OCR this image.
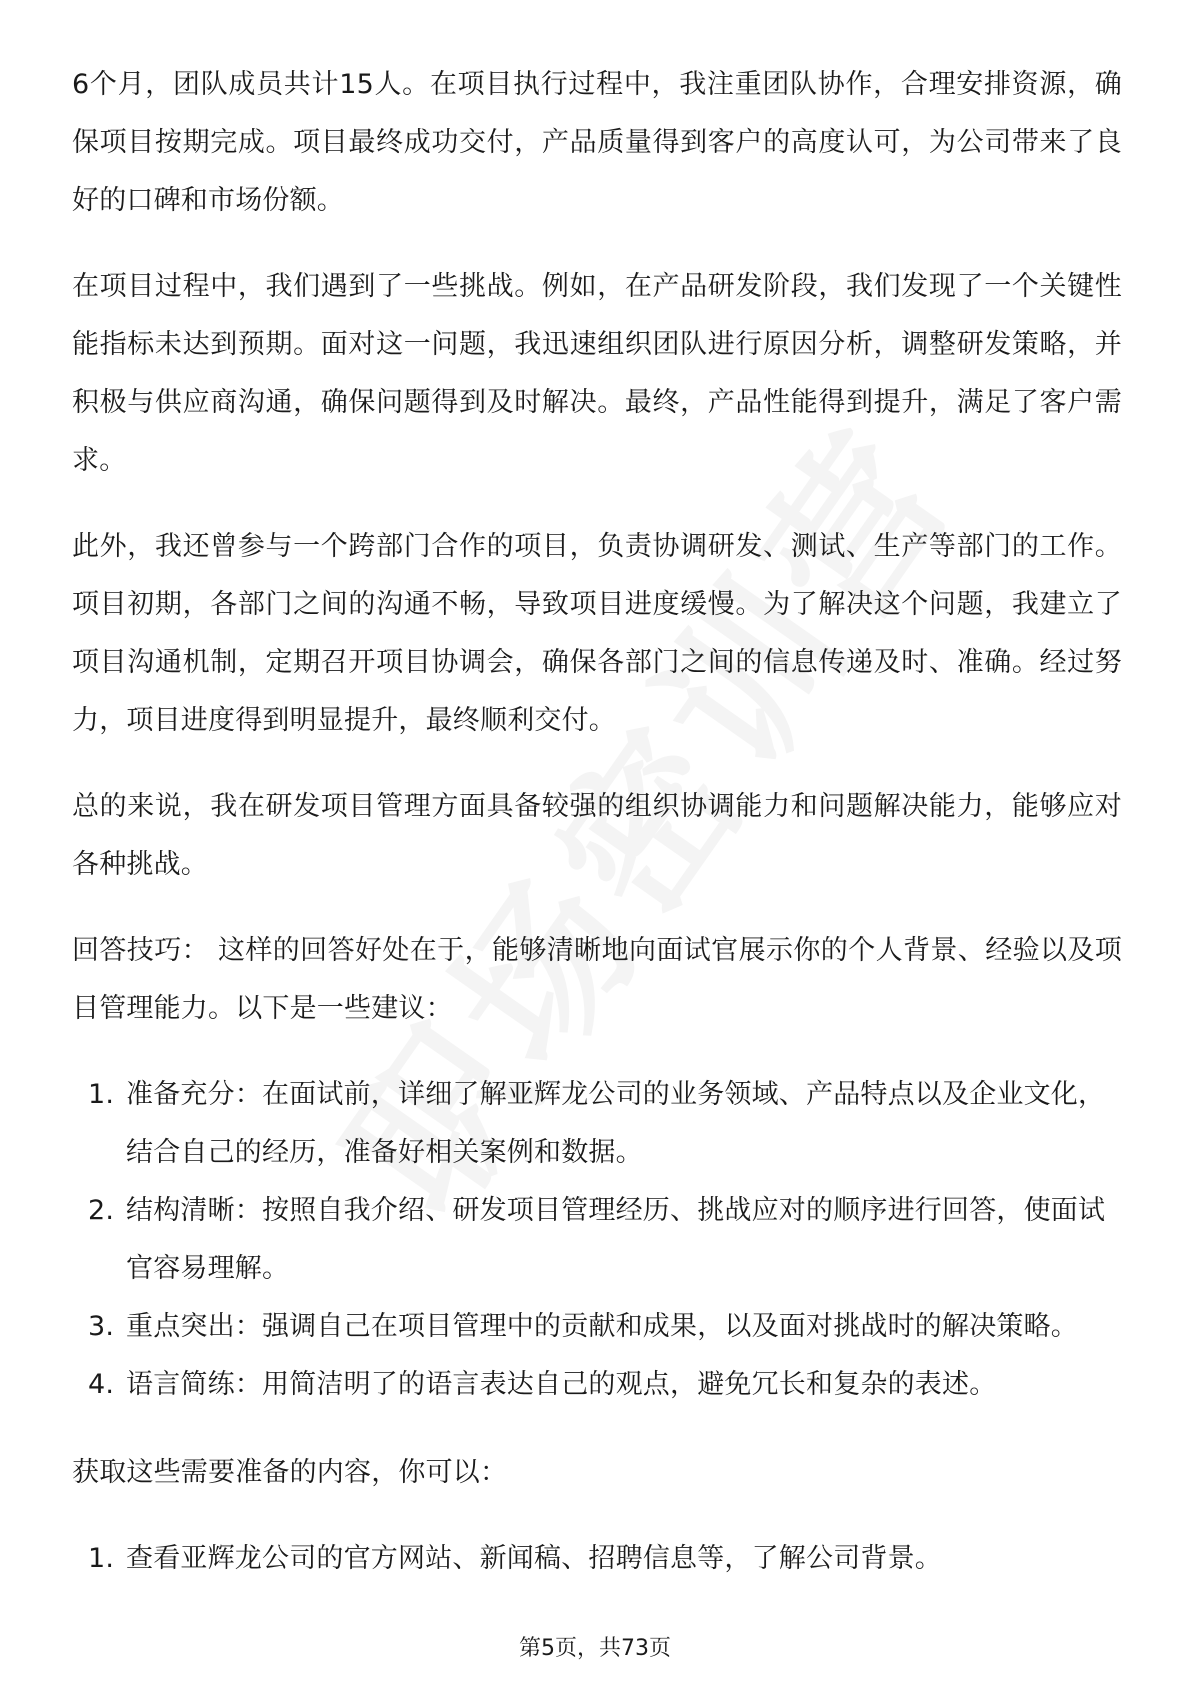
6个月，团队成员共计15人。在项目执行过程中，我注重团队协作，合理安排资源，确保项目按期完成。项目最终成功交付，产品质量得到客户的高度认可，为公司带来了良好的口碑和市场份额。

在项目过程中，我们遇到了一些挑战。例如，在产品研发阶段，我们发现了一个关键性能指标未达到预期。面对这一问题，我迅速组织团队进行原因分析，调整研发策略，并积极与供应商沟通，确保问题得到及时解决。最终，产品性能得到提升，满足了客户需求。

此外，我还曾参与一个跨部门合作的项目，负责协调研发、测试、生产等部门的工作。项目初期，各部门之间的沟通不畅，导致项目进度缓慢。为了解决这个问题，我建立了项目沟通机制，定期召开项目协调会，确保各部门之间的信息传递及时、准确。经过努力，项目进度得到明显提升，最终顺利交付。

总的来说，我在研发项目管理方面具备较强的组织协调能力和问题解决能力，能够应对各种挑战。

回答技巧： 这样的回答好处在于，能够清晰地向面试官展示你的个人背景、经验以及项目管理能力。以下是一些建议：

1. 准备充分：在面试前，详细了解亚辉龙公司的业务领域、产品特点以及企业文化，结合自己的经历，准备好相关案例和数据。
2. 结构清晰：按照自我介绍、研发项目管理经历、挑战应对的顺序进行回答，使面试官容易理解。
3. 重点突出：强调自己在项目管理中的贡献和成果，以及面对挑战时的解决策略。
4. 语言简练：用简洁明了的语言表达自己的观点，避免冗长和复杂的表述。

获取这些需要准备的内容，你可以：

1. 查看亚辉龙公司的官方网站、新闻稿、招聘信息等，了解公司背景。
第5页，共73页
